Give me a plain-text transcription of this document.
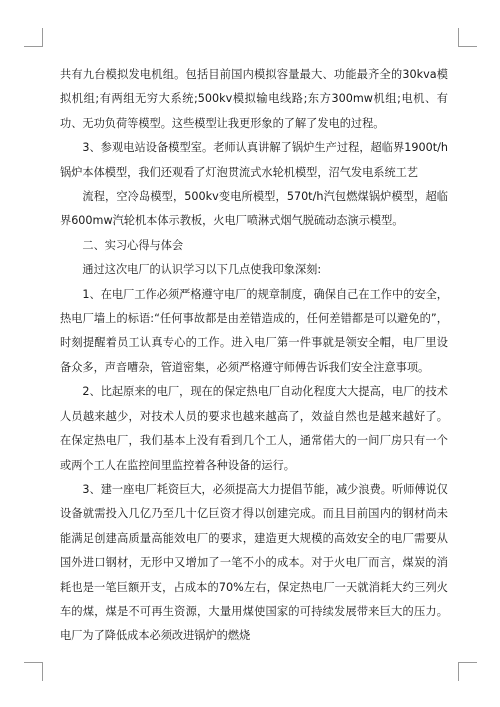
共有九台模拟发电机组。包括目前国内模拟容量最大、功能最齐全的30kva模拟机组;有两组无穷大系统;500kv模拟输电线路;东方300mw机组;电机、有功、无功负荷等模型。这些模型让我更形象的了解了发电的过程。

3、参观电站设备模型室。老师认真讲解了锅炉生产过程，超临界1900t/h锅炉本体模型，我们还观看了灯泡贯流式水轮机模型，沼气发电系统工艺

流程，空冷岛模型，500kv变电所模型，570t/h汽包燃煤锅炉模型，超临界600mw汽轮机本体示教板，火电厂喷淋式烟气脱硫动态演示模型。

二、实习心得与体会

通过这次电厂的认识学习以下几点使我印象深刻:

1、在电厂工作必须严格遵守电厂的规章制度，确保自己在工作中的安全，热电厂墙上的标语:“任何事故都是由差错造成的，任何差错都是可以避免的”，时刻提醒着员工认真专心的工作。进入电厂第一件事就是领安全帽，电厂里设备众多，声音嘈杂，管道密集，必须严格遵守师傅告诉我们安全注意事项。

2、比起原来的电厂，现在的保定热电厂自动化程度大大提高，电厂的技术人员越来越少，对技术人员的要求也越来越高了，效益自然也是越来越好了。在保定热电厂，我们基本上没有看到几个工人，通常偌大的一间厂房只有一个或两个工人在监控间里监控着各种设备的运行。

3、建一座电厂耗资巨大，必须提高大力提倡节能，减少浪费。听师傅说仅设备就需投入几亿乃至几十亿巨资才得以创建完成。而且目前国内的钢材尚未能满足创建高质量高能效电厂的要求，建造更大规模的高效安全的电厂需要从国外进口钢材，无形中又增加了一笔不小的成本。对于火电厂而言，煤炭的消耗也是一笔巨额开支，占成本的70%左右，保定热电厂一天就消耗大约三列火车的煤，煤是不可再生资源，大量用煤使国家的可持续发展带来巨大的压力。电厂为了降低成本必须改进锅炉的燃烧
